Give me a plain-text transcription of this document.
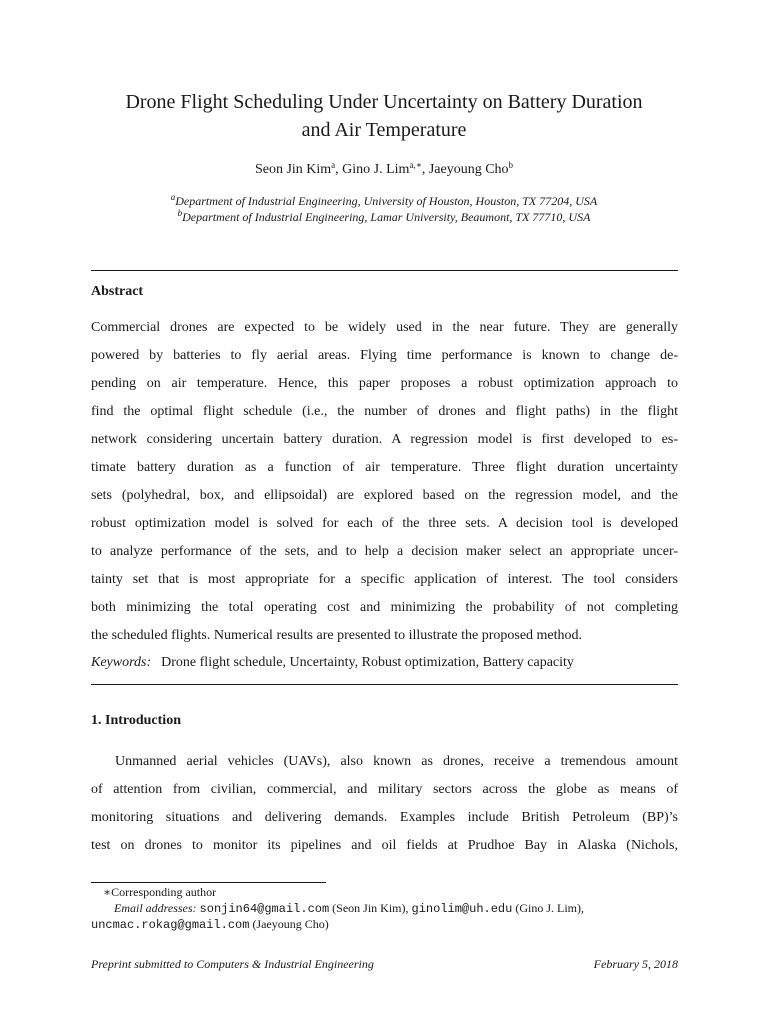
Drone Flight Scheduling Under Uncertainty on Battery Duration
and Air Temperature
Seon Jin Kim$^a$, Gino J. Lim$^{a,∗}$, Jaeyoung Cho$^b$
$^a$Department of Industrial Engineering, University of Houston, Houston, TX 77204, USA
$^b$Department of Industrial Engineering, Lamar University, Beaumont, TX 77710, USA
Abstract
Commercial drones are expected to be widely used in the near future. They are generally
powered by batteries to fly aerial areas. Flying time performance is known to change de-
pending on air temperature. Hence, this paper proposes a robust optimization approach to
find the optimal flight schedule (i.e., the number of drones and flight paths) in the flight
network considering uncertain battery duration. A regression model is first developed to es-
timate battery duration as a function of air temperature. Three flight duration uncertainty
sets (polyhedral, box, and ellipsoidal) are explored based on the regression model, and the
robust optimization model is solved for each of the three sets. A decision tool is developed
to analyze performance of the sets, and to help a decision maker select an appropriate uncer-
tainty set that is most appropriate for a specific application of interest. The tool considers
both minimizing the total operating cost and minimizing the probability of not completing
the scheduled flights. Numerical results are presented to illustrate the proposed method.
Keywords: Drone flight schedule, Uncertainty, Robust optimization, Battery capacity
1. Introduction
Unmanned aerial vehicles (UAVs), also known as drones, receive a tremendous amount
of attention from civilian, commercial, and military sectors across the globe as means of
monitoring situations and delivering demands. Examples include British Petroleum (BP)’s
test on drones to monitor its pipelines and oil fields at Prudhoe Bay in Alaska (Nichols,
∗Corresponding author
Email addresses: sonjin64@gmail.com (Seon Jin Kim), ginolim@uh.edu (Gino J. Lim),
uncmac.rokag@gmail.com (Jaeyoung Cho)
Preprint submitted to Computers & Industrial Engineering	February 5, 2018
